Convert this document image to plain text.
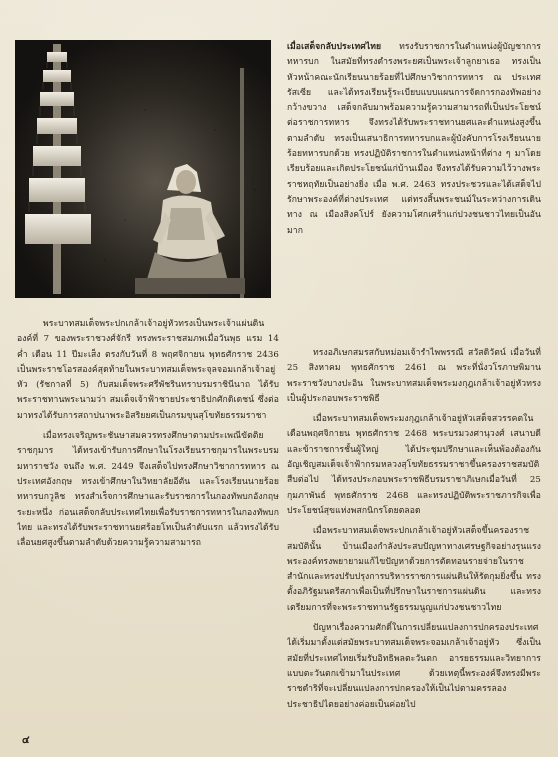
เมื่อเสด็จกลับประเทศไทย ทรงรับราชการในตำแหน่งผู้บัญชาการทหารบก ในสมัยที่ทรงดำรงพระยศเป็นพระเจ้าลูกยาเธอ ทรงเป็นหัวหน้าคณะนักเรียนนายร้อยที่ไปศึกษาวิชาการทหาร ณ ประเทศรัสเซีย และได้ทรงเรียนรู้ระเบียบแบบแผนการจัดการกองทัพอย่างกว้างขวาง เสด็จกลับมาพร้อมความรู้ความสามารถที่เป็นประโยชน์ต่อราชการทหาร จึงทรงได้รับพระราชทานยศและตำแหน่งสูงขึ้นตามลำดับ ทรงเป็นเสนาธิการทหารบกและผู้บังคับการโรงเรียนนายร้อยทหารบกด้วย ทรงปฏิบัติราชการในตำแหน่งหน้าที่ต่าง ๆ มาโดยเรียบร้อยและเกิดประโยชน์แก่บ้านเมือง จึงทรงได้รับความไว้วางพระราชหฤทัยเป็นอย่างยิ่ง เมื่อ พ.ศ. 2463 ทรงประชวรและได้เสด็จไปรักษาพระองค์ที่ต่างประเทศ แต่ทรงสิ้นพระชนม์ในระหว่างการเดินทาง ณ เมืองสิงคโปร์ ยังความโศกเศร้าแก่ปวงชนชาวไทยเป็นอันมาก

พระบาทสมเด็จพระปกเกล้าเจ้าอยู่หัวทรงเป็นพระเจ้าแผ่นดินองค์ที่ 7 ของพระราชวงศ์จักรี ทรงพระราชสมภพเมื่อวันพุธ แรม 14 ค่ำ เดือน 11 ปีมะเส็ง ตรงกับวันที่ 8 พฤศจิกายน พุทธศักราช 2436 เป็นพระราชโอรสองค์สุดท้ายในพระบาทสมเด็จพระจุลจอมเกล้าเจ้าอยู่หัว (รัชกาลที่ 5) กับสมเด็จพระศรีพัชรินทราบรมราชินีนาถ ได้รับพระราชทานพระนามว่า สมเด็จเจ้าฟ้าชายประชาธิปกศักดิเดชน์ ซึ่งต่อมาทรงได้รับการสถาปนาพระอิสริยยศเป็นกรมขุนสุโขทัยธรรมราชา

เมื่อทรงเจริญพระชันษาสมควรทรงศึกษาตามประเพณีขัตติยราชกุมาร ได้ทรงเข้ารับการศึกษาในโรงเรียนราชกุมารในพระบรมมหาราชวัง จนถึง พ.ศ. 2449 จึงเสด็จไปทรงศึกษาวิชาการทหาร ณ ประเทศอังกฤษ ทรงเข้าศึกษาในวิทยาลัยอีตัน และโรงเรียนนายร้อยทหารบกวูลิช ทรงสำเร็จการศึกษาและรับราชการในกองทัพบกอังกฤษระยะหนึ่ง ก่อนเสด็จกลับประเทศไทยเพื่อรับราชการทหารในกองทัพบกไทย และทรงได้รับพระราชทานยศร้อยโทเป็นลำดับแรก แล้วทรงได้รับเลื่อนยศสูงขึ้นตามลำดับด้วยความรู้ความสามารถ

ทรงอภิเษกสมรสกับหม่อมเจ้ารำไพพรรณี สวัสดิวัตน์ เมื่อวันที่ 25 สิงหาคม พุทธศักราช 2461 ณ พระที่นั่งวโรภาษพิมาน พระราชวังบางปะอิน ในพระบาทสมเด็จพระมงกุฎเกล้าเจ้าอยู่หัวทรงเป็นผู้ประกอบพระราชพิธี

เมื่อพระบาทสมเด็จพระมงกุฎเกล้าเจ้าอยู่หัวเสด็จสวรรคตในเดือนพฤศจิกายน พุทธศักราช 2468 พระบรมวงศานุวงศ์ เสนาบดี และข้าราชการชั้นผู้ใหญ่ ได้ประชุมปรึกษาและเห็นพ้องต้องกันอัญเชิญสมเด็จเจ้าฟ้ากรมหลวงสุโขทัยธรรมราชาขึ้นครองราชสมบัติสืบต่อไป ได้ทรงประกอบพระราชพิธีบรมราชาภิเษกเมื่อวันที่ 25 กุมภาพันธ์ พุทธศักราช 2468 และทรงปฏิบัติพระราชภารกิจเพื่อประโยชน์สุขแห่งพสกนิกรโดยตลอด

เมื่อพระบาทสมเด็จพระปกเกล้าเจ้าอยู่หัวเสด็จขึ้นครองราชสมบัตินั้น บ้านเมืองกำลังประสบปัญหาทางเศรษฐกิจอย่างรุนแรง พระองค์ทรงพยายามแก้ไขปัญหาด้วยการตัดทอนรายจ่ายในราชสำนักและทรงปรับปรุงการบริหารราชการแผ่นดินให้รัดกุมยิ่งขึ้น ทรงตั้งอภิรัฐมนตรีสภาเพื่อเป็นที่ปรึกษาในราชการแผ่นดิน และทรงเตรียมการที่จะพระราชทานรัฐธรรมนูญแก่ปวงชนชาวไทย

ปัญหาเรื่องความศักดิ์ในการเปลี่ยนแปลงการปกครองประเทศได้เริ่มมาตั้งแต่สมัยพระบาทสมเด็จพระจอมเกล้าเจ้าอยู่หัว ซึ่งเป็นสมัยที่ประเทศไทยเริ่มรับอิทธิพลตะวันตก อารยธรรมและวิทยาการแบบตะวันตกเข้ามาในประเทศ ด้วยเหตุนี้พระองค์จึงทรงมีพระราชดำริที่จะเปลี่ยนแปลงการปกครองให้เป็นไปตามครรลองประชาธิปไตยอย่างค่อยเป็นค่อยไป

๔
